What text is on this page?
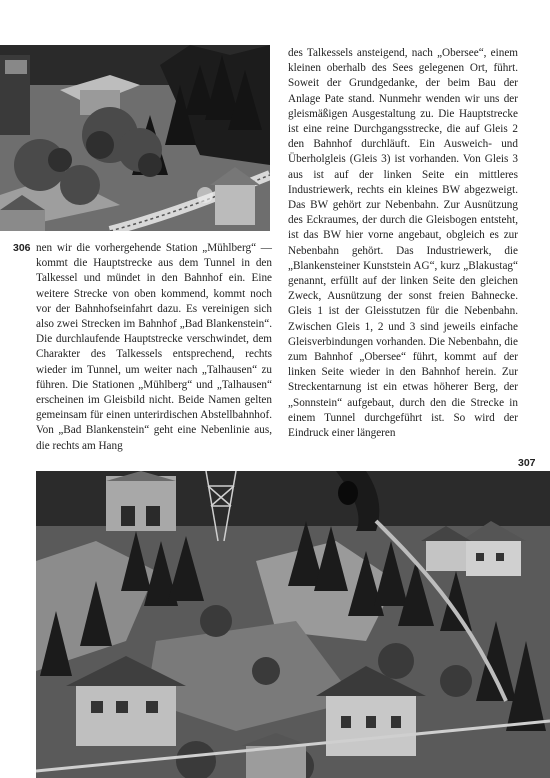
306 nen wir die vorhergehende Station „Mühlberg“ — kommt die Hauptstrecke aus dem Tunnel in den Talkessel und mündet in den Bahnhof ein. Eine weitere Strecke von oben kommend, kommt noch vor der Bahnhofseinfahrt dazu. Es vereinigen sich also zwei Strecken im Bahnhof „Bad Blankenstein“. Die durchlaufende Hauptstrecke verschwindet, dem Charakter des Talkessels entsprechend, rechts wieder im Tunnel, um weiter nach „Talhausen“ zu führen. Die Stationen „Mühlberg“ und „Talhausen“ erscheinen im Gleisbild nicht. Beide Namen gelten gemeinsam für einen unterirdischen Abstellbahnhof. Von „Bad Blankenstein“ geht eine Nebenlinie aus, die rechts am Hang

des Talkessels ansteigend, nach „Obersee“, einem kleinen oberhalb des Sees gelegenen Ort, führt. Soweit der Grundgedanke, der beim Bau der Anlage Pate stand. Nunmehr wenden wir uns der gleismäßigen Ausgestaltung zu. Die Hauptstrecke ist eine reine Durchgangsstrecke, die auf Gleis 2 den Bahnhof durchläuft. Ein Ausweich- und Überholgleis (Gleis 3) ist vorhanden. Von Gleis 3 aus ist auf der linken Seite ein mittleres Industriewerk, rechts ein kleines BW abgezweigt. Das BW gehört zur Nebenbahn. Zur Ausnützung des Eckraumes, der durch die Gleisbogen entsteht, ist das BW hier vorne angebaut, obgleich es zur Nebenbahn gehört. Das Industriewerk, die „Blankensteiner Kunststein AG“, kurz „Blakustag“ genannt, erfüllt auf der linken Seite den gleichen Zweck, Ausnützung der sonst freien Bahnecke. Gleis 1 ist der Gleisstutzen für die Nebenbahn. Zwischen Gleis 1, 2 und 3 sind jeweils einfache Gleisverbindungen vorhanden. Die Nebenbahn, die zum Bahnhof „Obersee“ führt, kommt auf der linken Seite wieder in den Bahnhof herein. Zur Streckentarnung ist ein etwas höherer Berg, der „Sonnstein“ aufgebaut, durch den die Strecke in einem Tunnel durchgeführt ist. So wird der Eindruck einer längeren

307
